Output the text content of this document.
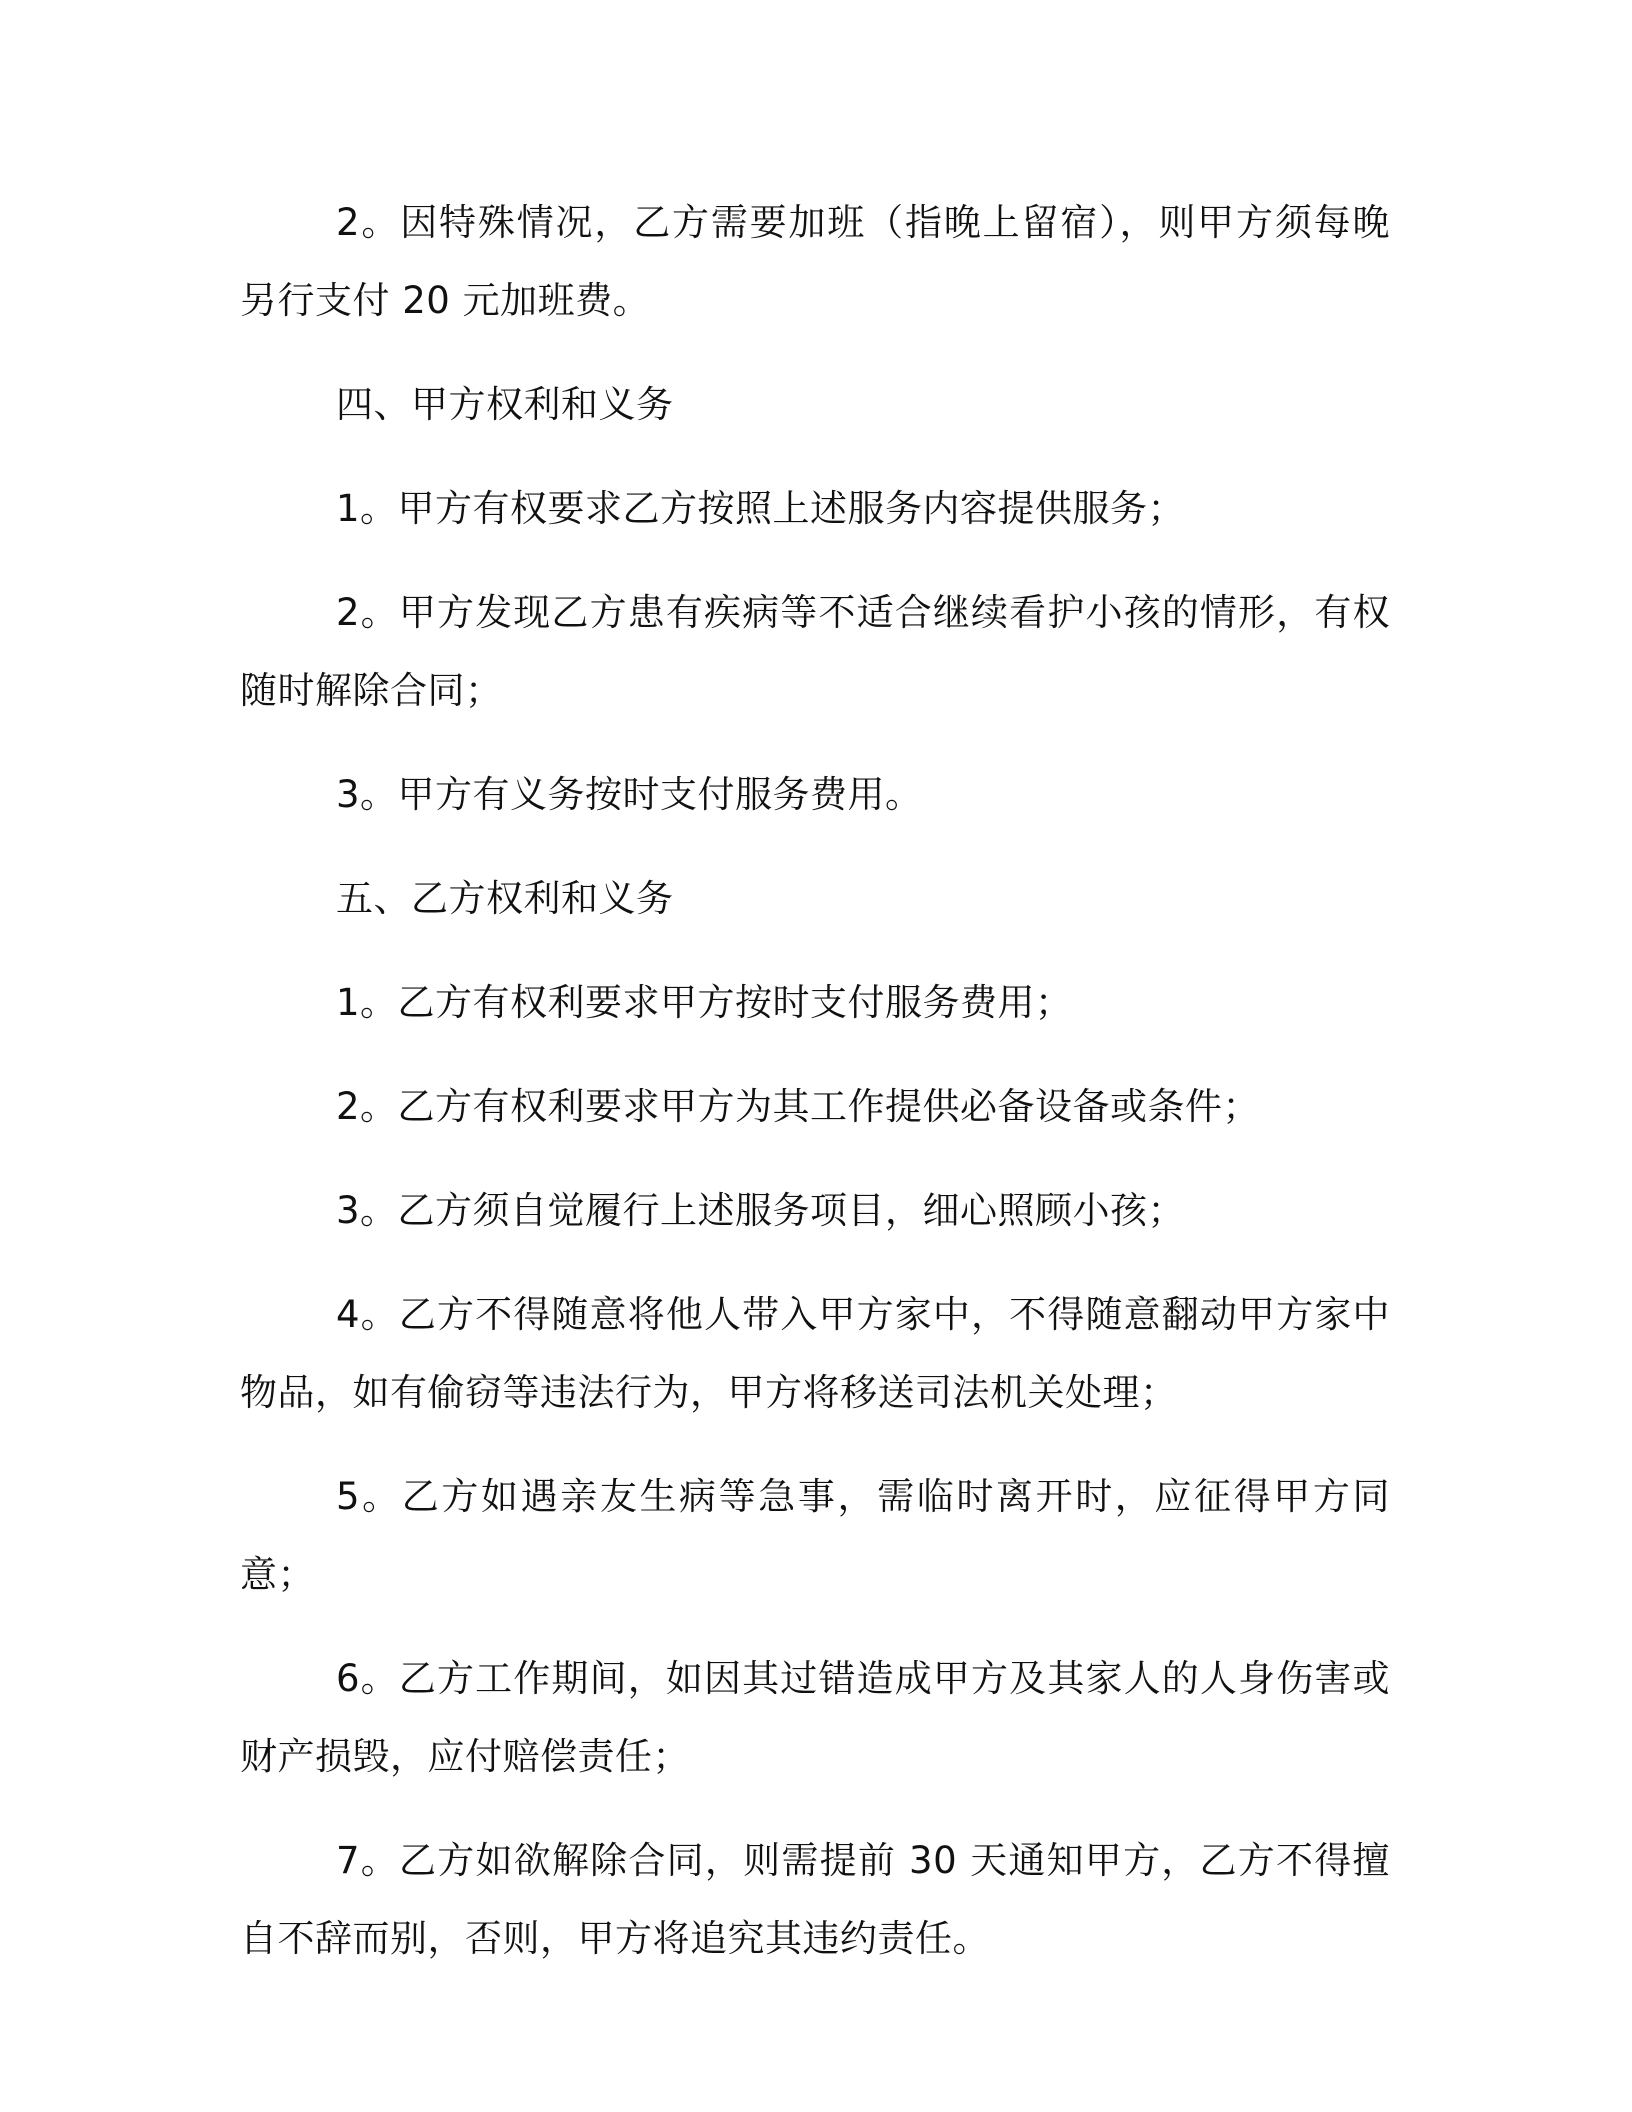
2。因特殊情况，乙方需要加班（指晚上留宿），则甲方须每晚另行支付 20 元加班费。

四、甲方权利和义务

1。甲方有权要求乙方按照上述服务内容提供服务；

2。甲方发现乙方患有疾病等不适合继续看护小孩的情形，有权随时解除合同；

3。甲方有义务按时支付服务费用。

五、乙方权利和义务

1。乙方有权利要求甲方按时支付服务费用；

2。乙方有权利要求甲方为其工作提供必备设备或条件；

3。乙方须自觉履行上述服务项目，细心照顾小孩；

4。乙方不得随意将他人带入甲方家中，不得随意翻动甲方家中物品，如有偷窃等违法行为，甲方将移送司法机关处理；

5。乙方如遇亲友生病等急事，需临时离开时，应征得甲方同意；

6。乙方工作期间，如因其过错造成甲方及其家人的人身伤害或财产损毁，应付赔偿责任；

7。乙方如欲解除合同，则需提前 30 天通知甲方，乙方不得擅自不辞而别，否则，甲方将追究其违约责任。
